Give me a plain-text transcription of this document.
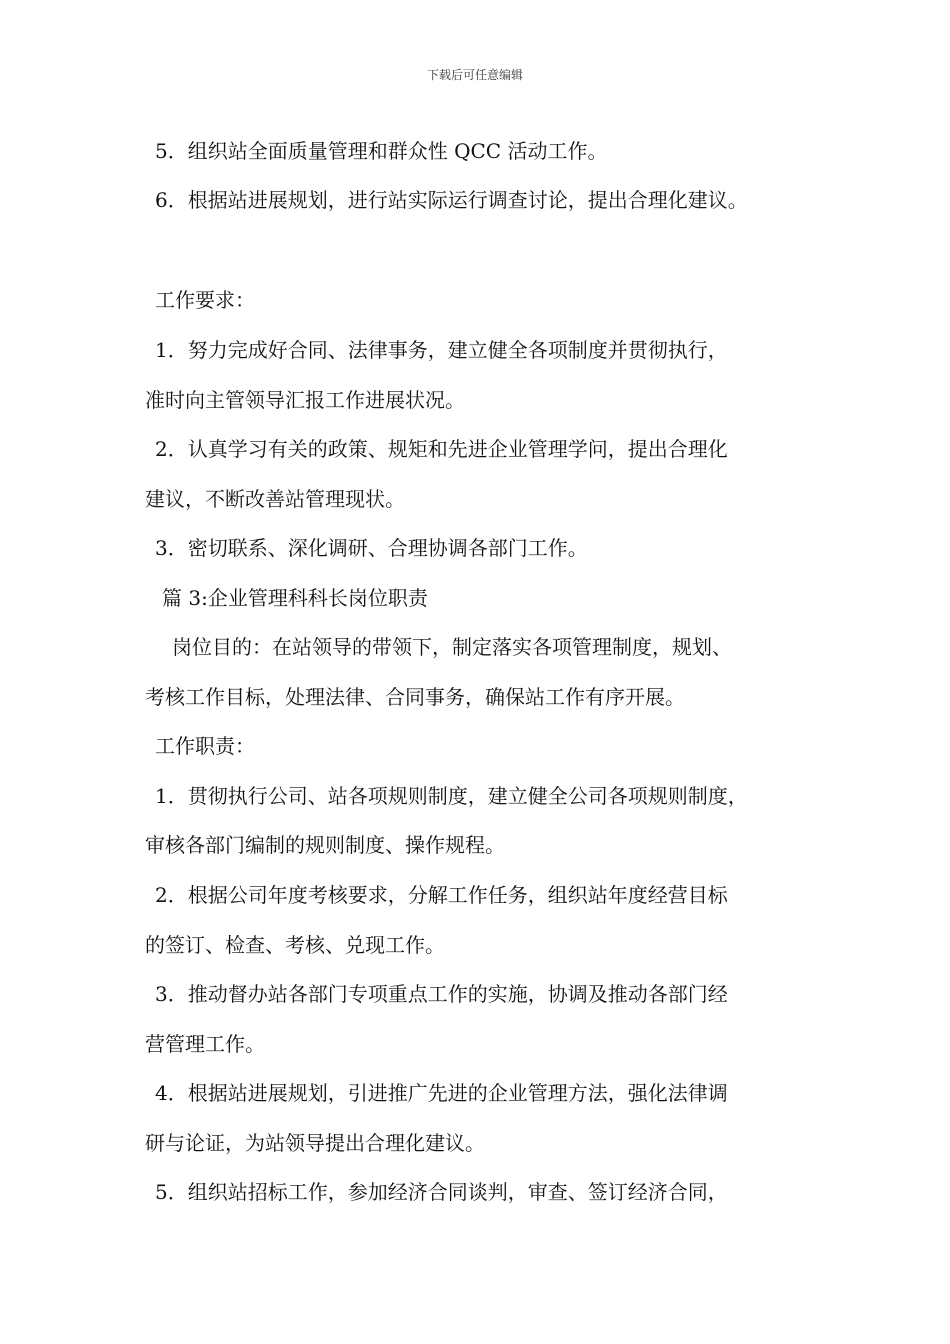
下载后可任意编辑
5．组织站全面质量管理和群众性 QCC 活动工作。
6．根据站进展规划，进行站实际运行调查讨论，提出合理化建议。
工作要求：
1．努力完成好合同、法律事务，建立健全各项制度并贯彻执行，
准时向主管领导汇报工作进展状况。
2．认真学习有关的政策、规矩和先进企业管理学问，提出合理化
建议，不断改善站管理现状。
3．密切联系、深化调研、合理协调各部门工作。
篇 3:企业管理科科长岗位职责
岗位目的：在站领导的带领下，制定落实各项管理制度，规划、
考核工作目标，处理法律、合同事务，确保站工作有序开展。
工作职责：
1．贯彻执行公司、站各项规则制度，建立健全公司各项规则制度，
审核各部门编制的规则制度、操作规程。
2．根据公司年度考核要求，分解工作任务，组织站年度经营目标
的签订、检查、考核、兑现工作。
3．推动督办站各部门专项重点工作的实施，协调及推动各部门经
营管理工作。
4．根据站进展规划，引进推广先进的企业管理方法，强化法律调
研与论证，为站领导提出合理化建议。
5．组织站招标工作，参加经济合同谈判，审查、签订经济合同，
